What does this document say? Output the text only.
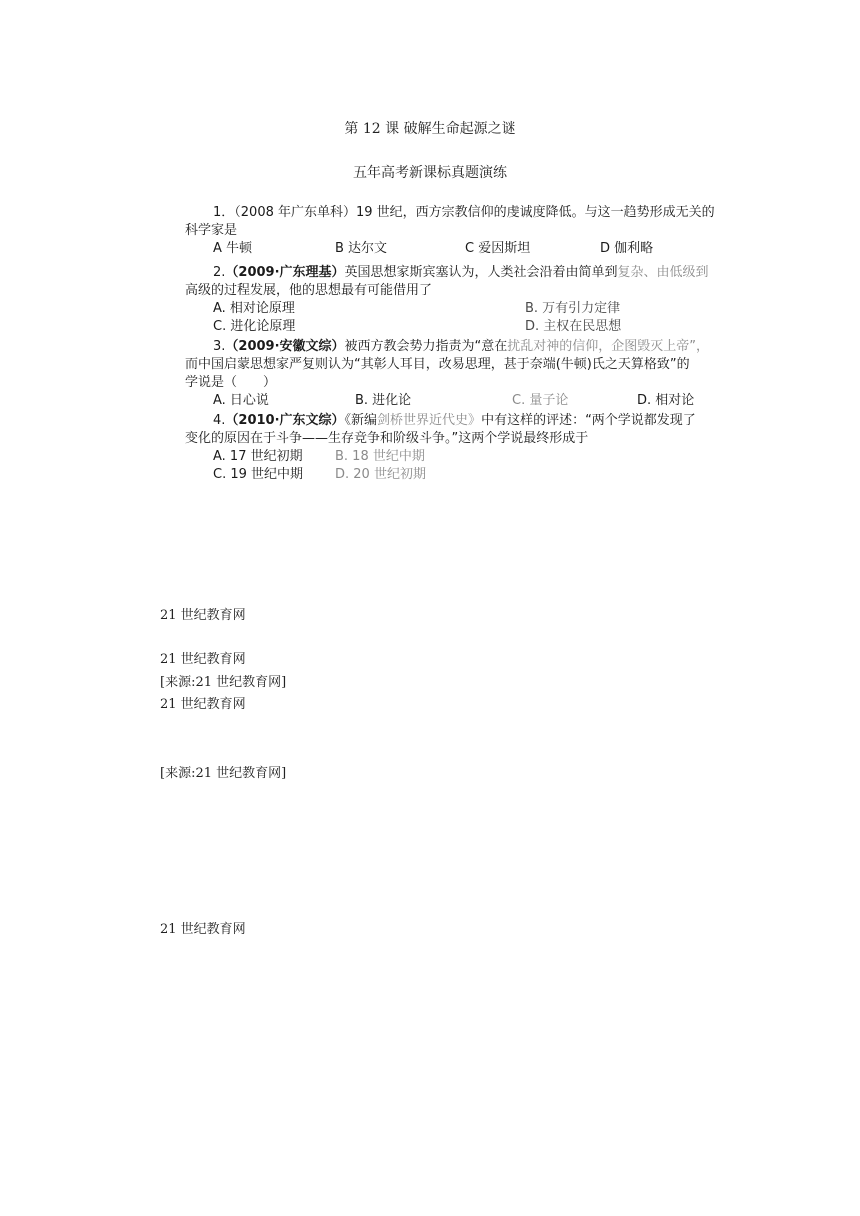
第 12 课 破解生命起源之谜
五年高考新课标真题演练
1．（2008 年广东单科）19 世纪，西方宗教信仰的虔诚度降低。与这一趋势形成无关的
科学家是
A 牛顿	B 达尔文	C 爱因斯坦	D 伽利略
2.（2009·广东理基）英国思想家斯宾塞认为，人类社会沿着由简单到复杂、由低级到
高级的过程发展，他的思想最有可能借用了
A. 相对论原理	B. 万有引力定律
C. 进化论原理	D. 主权在民思想
3.（2009·安徽文综）被西方教会势力指责为“意在扰乱对神的信仰，企图毁灭上帝”，
而中国启蒙思想家严复则认为“其彰人耳目，改易思理，甚于奈端(牛顿)氏之天算格致”的
学说是（　　）
A. 日心说	B. 进化论	C. 量子论	D. 相对论
4.（2010·广东文综）《新编剑桥世界近代史》中有这样的评述：“两个学说都发现了
变化的原因在于斗争——生存竞争和阶级斗争。”这两个学说最终形成于
A. 17 世纪初期 B. 18 世纪中期
C. 19 世纪中期 D. 20 世纪初期
21 世纪教育网
21 世纪教育网
[来源:21 世纪教育网]
21 世纪教育网
[来源:21 世纪教育网]
21 世纪教育网
